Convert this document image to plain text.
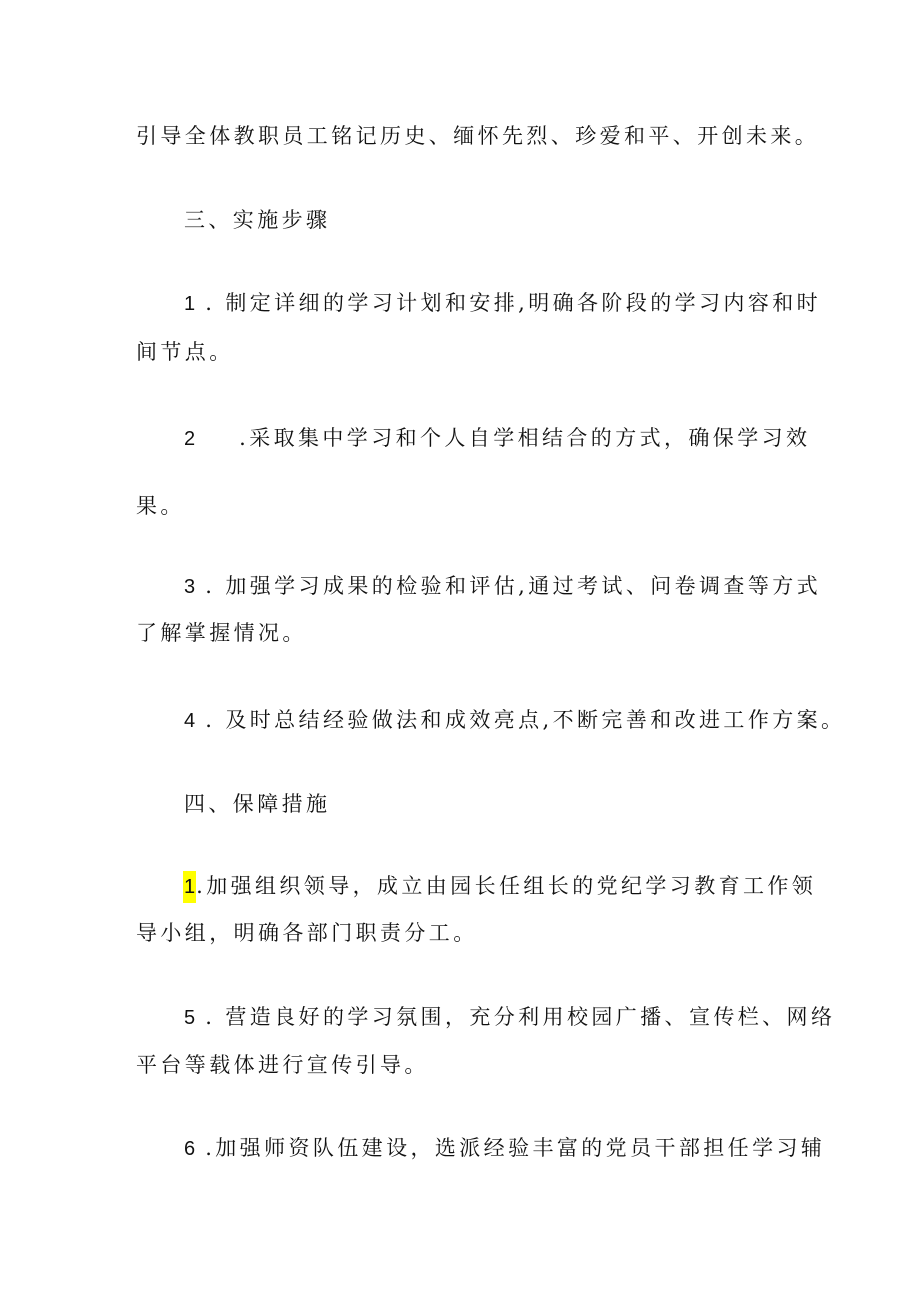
引导全体教职员工铭记历史、缅怀先烈、珍爱和平、开创未来。
三、实施步骤
1 . 制定详细的学习计划和安排,明确各阶段的学习内容和时
间节点。
2 .采取集中学习和个人自学相结合的方式，确保学习效
果。
3 . 加强学习成果的检验和评估,通过考试、问卷调查等方式
了解掌握情况。
4 . 及时总结经验做法和成效亮点,不断完善和改进工作方案。
四、保障措施
1.加强组织领导，成立由园长任组长的党纪学习教育工作领
导小组，明确各部门职责分工。
5 . 营造良好的学习氛围，充分利用校园广播、宣传栏、网络
平台等载体进行宣传引导。
6 .加强师资队伍建设，选派经验丰富的党员干部担任学习辅
